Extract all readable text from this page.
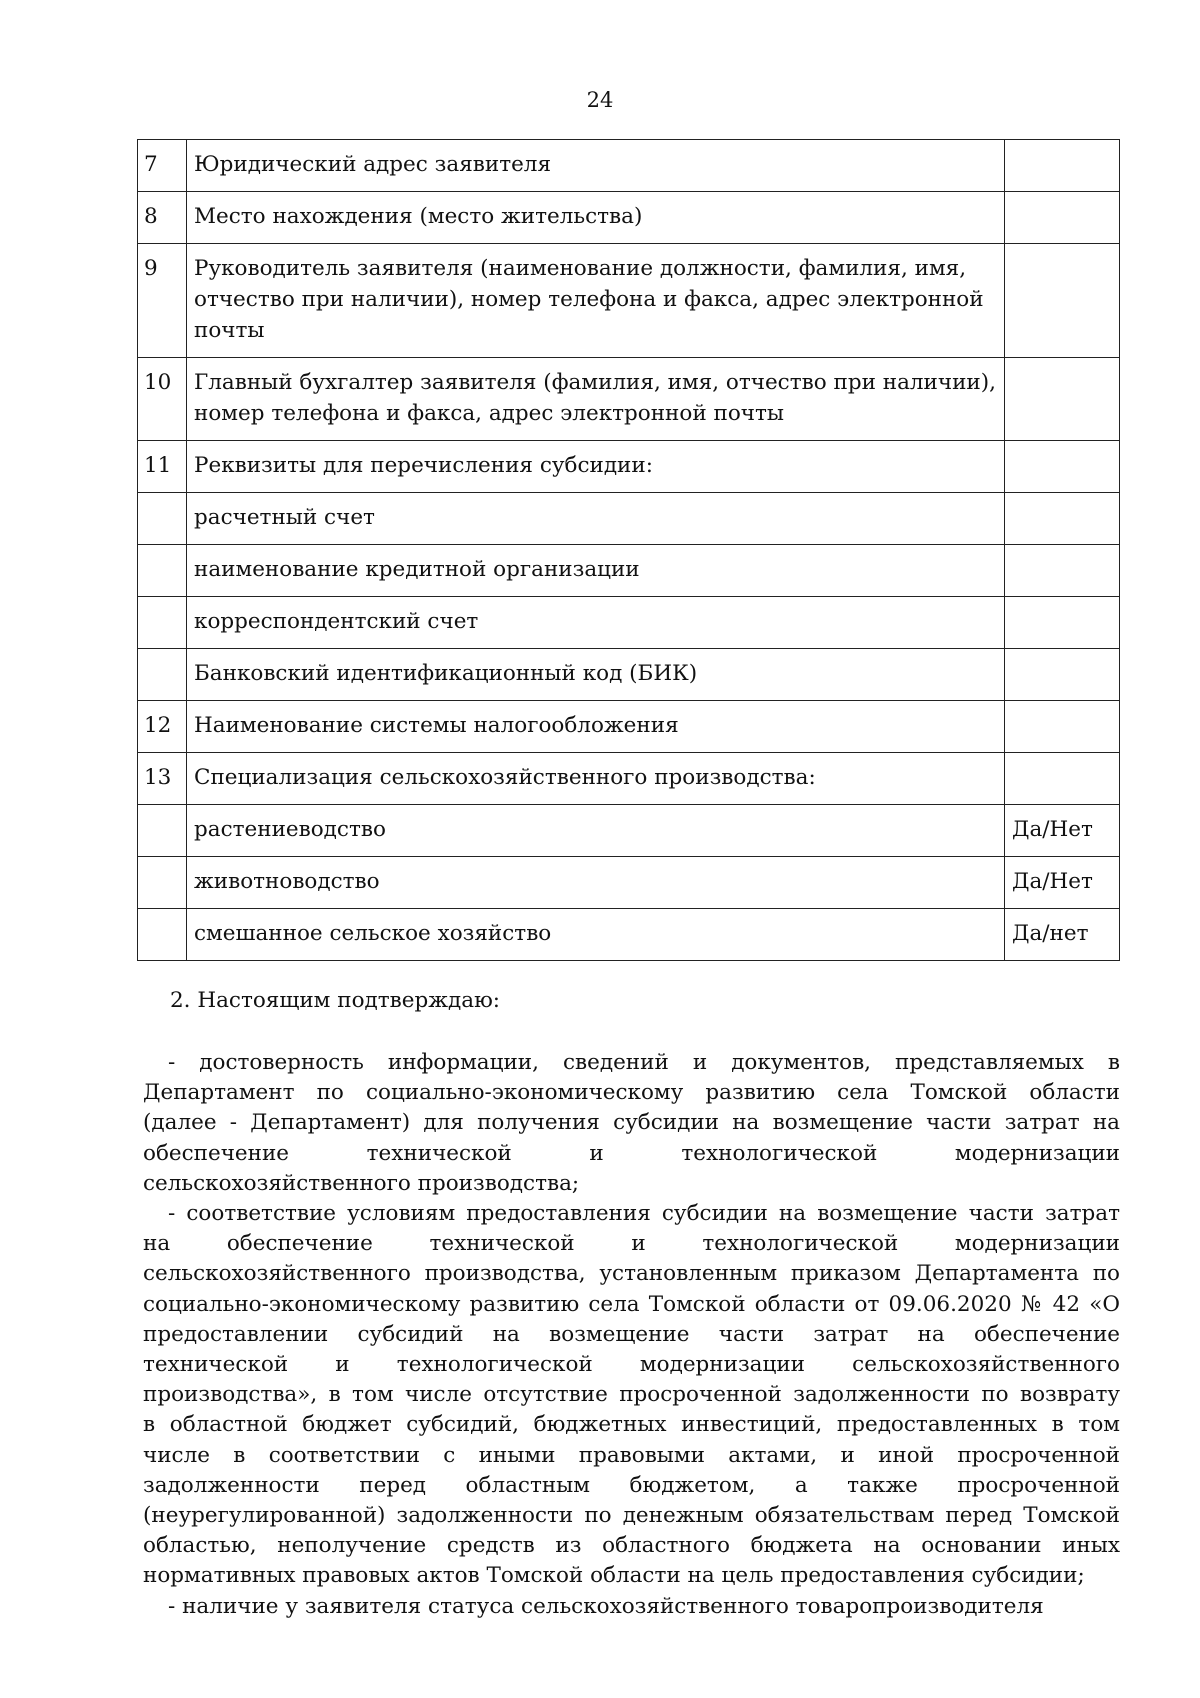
24
7	Юридический адрес заявителя	
8	Место нахождения (место жительства)	
9	Руководитель заявителя (наименование должности, фамилия, имя, отчество при наличии), номер телефона и факса, адрес электронной почты	
10	Главный бухгалтер заявителя (фамилия, имя, отчество при наличии), номер телефона и факса, адрес электронной почты	
11	Реквизиты для перечисления субсидии:	
	расчетный счет	
	наименование кредитной организации	
	корреспондентский счет	
	Банковский идентификационный код (БИК)	
12	Наименование системы налогообложения	
13	Специализация сельскохозяйственного производства:	
	растениеводство	Да/Нет
	животноводство	Да/Нет
	смешанное сельское хозяйство	Да/нет
2. Настоящим подтверждаю:
- достоверность информации, сведений и документов, представляемых в
Департамент по социально-экономическому развитию села Томской области
(далее - Департамент) для получения субсидии на возмещение части затрат на
обеспечение технической и технологической модернизации
сельскохозяйственного производства;
- соответствие условиям предоставления субсидии на возмещение части затрат
на обеспечение технической и технологической модернизации
сельскохозяйственного производства, установленным приказом Департамента по
социально-экономическому развитию села Томской области от 09.06.2020 № 42 «О
предоставлении субсидий на возмещение части затрат на обеспечение
технической и технологической модернизации сельскохозяйственного
производства», в том числе отсутствие просроченной задолженности по возврату
в областной бюджет субсидий, бюджетных инвестиций, предоставленных в том
числе в соответствии с иными правовыми актами, и иной просроченной
задолженности перед областным бюджетом, а также просроченной
(неурегулированной) задолженности по денежным обязательствам перед Томской
областью, неполучение средств из областного бюджета на основании иных
нормативных правовых актов Томской области на цель предоставления субсидии;
- наличие у заявителя статуса сельскохозяйственного товаропроизводителя
